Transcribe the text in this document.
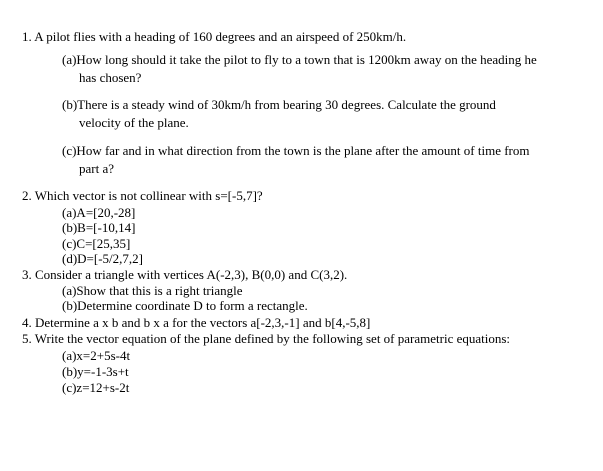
1. A pilot flies with a heading of 160 degrees and an airspeed of 250km/h.
(a)How long should it take the pilot to fly to a town that is 1200km away on the heading he
has chosen?
(b)There is a steady wind of 30km/h from bearing 30 degrees. Calculate the ground
velocity of the plane.
(c)How far and in what direction from the town is the plane after the amount of time from
part a?
2. Which vector is not collinear with s=[-5,7]?
(a)A=[20,-28]
(b)B=[-10,14]
(c)C=[25,35]
(d)D=[-5/2,7,2]
3. Consider a triangle with vertices A(-2,3), B(0,0) and C(3,2).
(a)Show that this is a right triangle
(b)Determine coordinate D to form a rectangle.
4. Determine a x b and b x a for the vectors a[-2,3,-1] and b[4,-5,8]
5. Write the vector equation of the plane defined by the following set of parametric equations:
(a)x=2+5s-4t
(b)y=-1-3s+t
(c)z=12+s-2t
